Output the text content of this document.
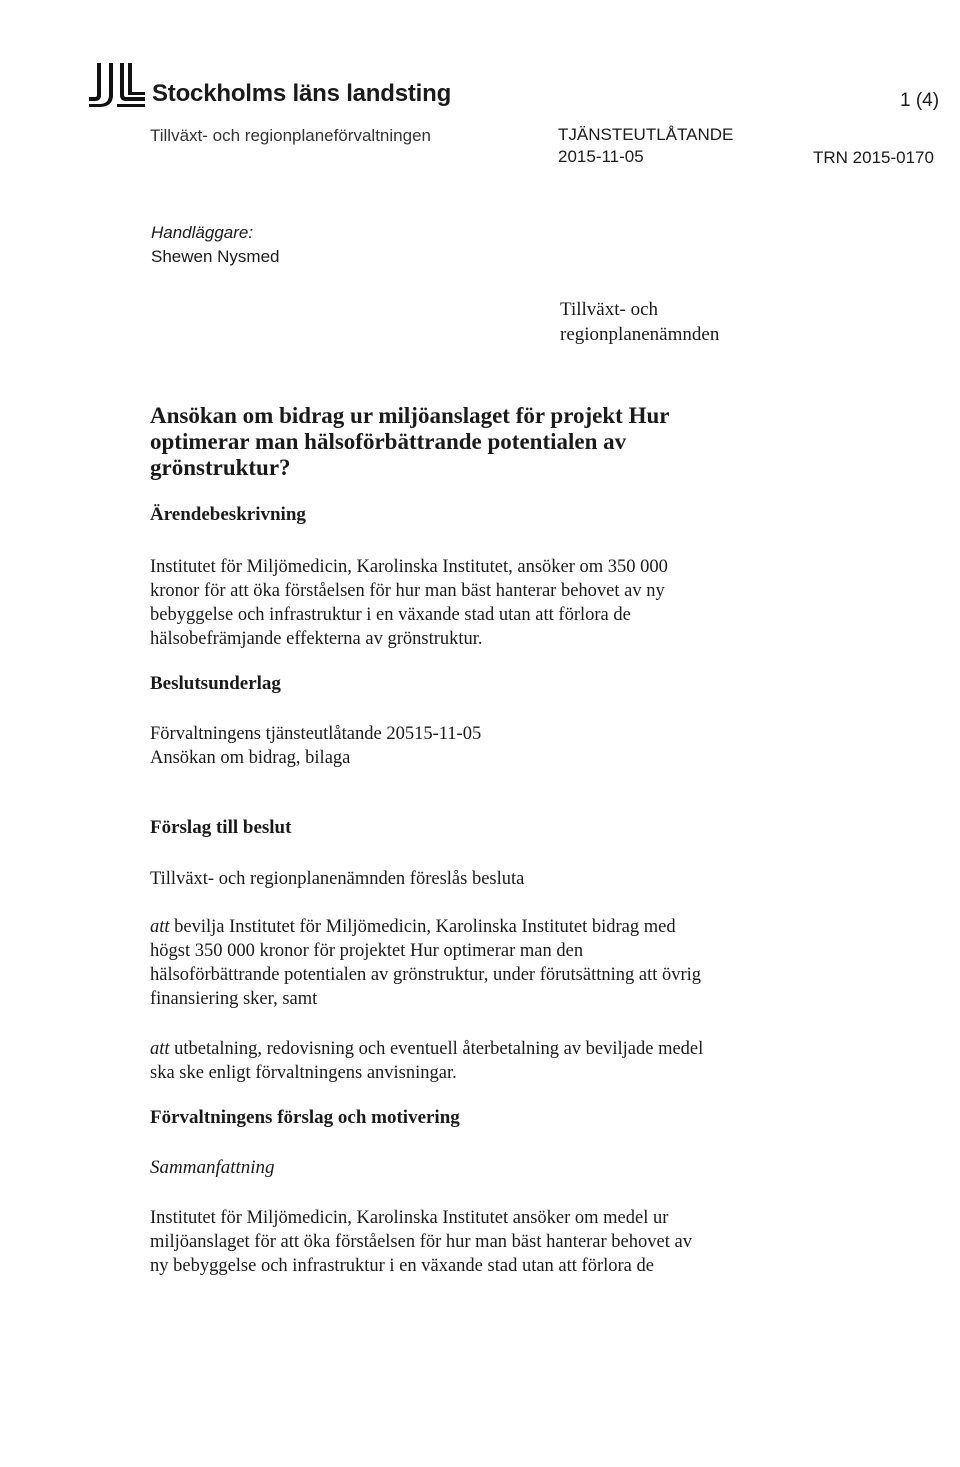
Stockholms läns landsting	1 (4)
Tillväxt- och regionplaneförvaltningen	TJÄNSTEUTLÅTANDE
2015-11-05	TRN 2015-0170
Handläggare:
Shewen Nysmed
Tillväxt- och
regionplanenämnden
Ansökan om bidrag ur miljöanslaget för projekt Hur
optimerar man hälsoförbättrande potentialen av
grönstruktur?
Ärendebeskrivning
Institutet för Miljömedicin, Karolinska Institutet, ansöker om 350 000
kronor för att öka förståelsen för hur man bäst hanterar behovet av ny
bebyggelse och infrastruktur i en växande stad utan att förlora de
hälsobefrämjande effekterna av grönstruktur.
Beslutsunderlag
Förvaltningens tjänsteutlåtande 20515-11-05
Ansökan om bidrag, bilaga
Förslag till beslut
Tillväxt- och regionplanenämnden föreslås besluta
att bevilja Institutet för Miljömedicin, Karolinska Institutet bidrag med
högst 350 000 kronor för projektet Hur optimerar man den
hälsoförbättrande potentialen av grönstruktur, under förutsättning att övrig
finansiering sker, samt
att utbetalning, redovisning och eventuell återbetalning av beviljade medel
ska ske enligt förvaltningens anvisningar.
Förvaltningens förslag och motivering
Sammanfattning
Institutet för Miljömedicin, Karolinska Institutet ansöker om medel ur
miljöanslaget för att öka förståelsen för hur man bäst hanterar behovet av
ny bebyggelse och infrastruktur i en växande stad utan att förlora de
